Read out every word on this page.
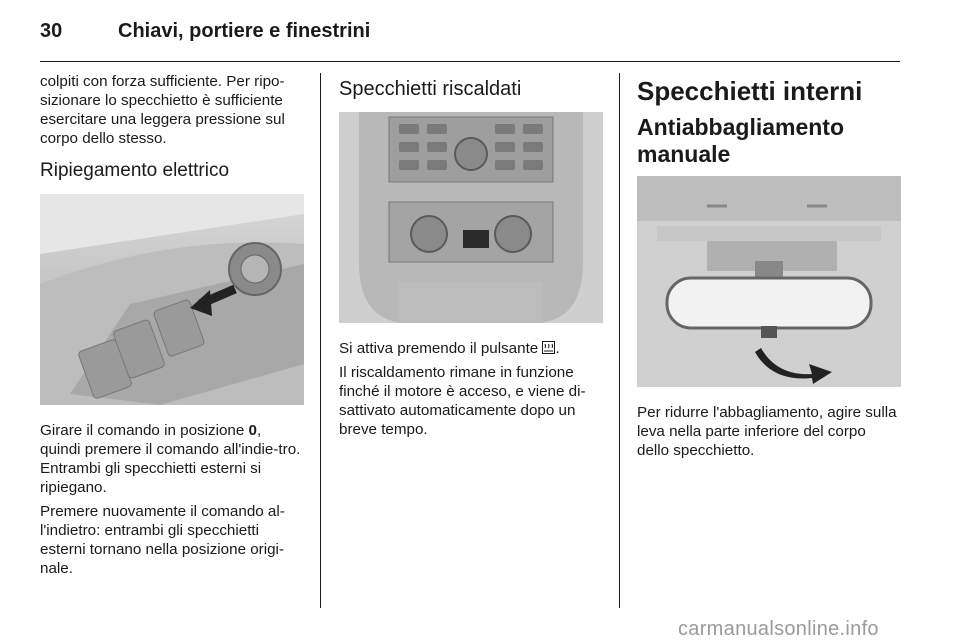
30	Chiavi, portiere e finestrini

colpiti con forza sufficiente. Per ripo-sizionare lo specchietto è sufficiente esercitare una leggera pressione sul corpo dello stesso.

Ripiegamento elettrico

Girare il comando in posizione 0, quindi premere il comando all'indie-tro. Entrambi gli specchietti esterni si ripiegano.

Premere nuovamente il comando al-l'indietro: entrambi gli specchietti esterni tornano nella posizione origi-nale.

Specchietti riscaldati

Si attiva premendo il pulsante .

Il riscaldamento rimane in funzione finché il motore è acceso, e viene di-sattivato automaticamente dopo un breve tempo.

Specchietti interni
Antiabbagliamento manuale

Per ridurre l'abbagliamento, agire sulla leva nella parte inferiore del corpo dello specchietto.

carmanualsonline.info
